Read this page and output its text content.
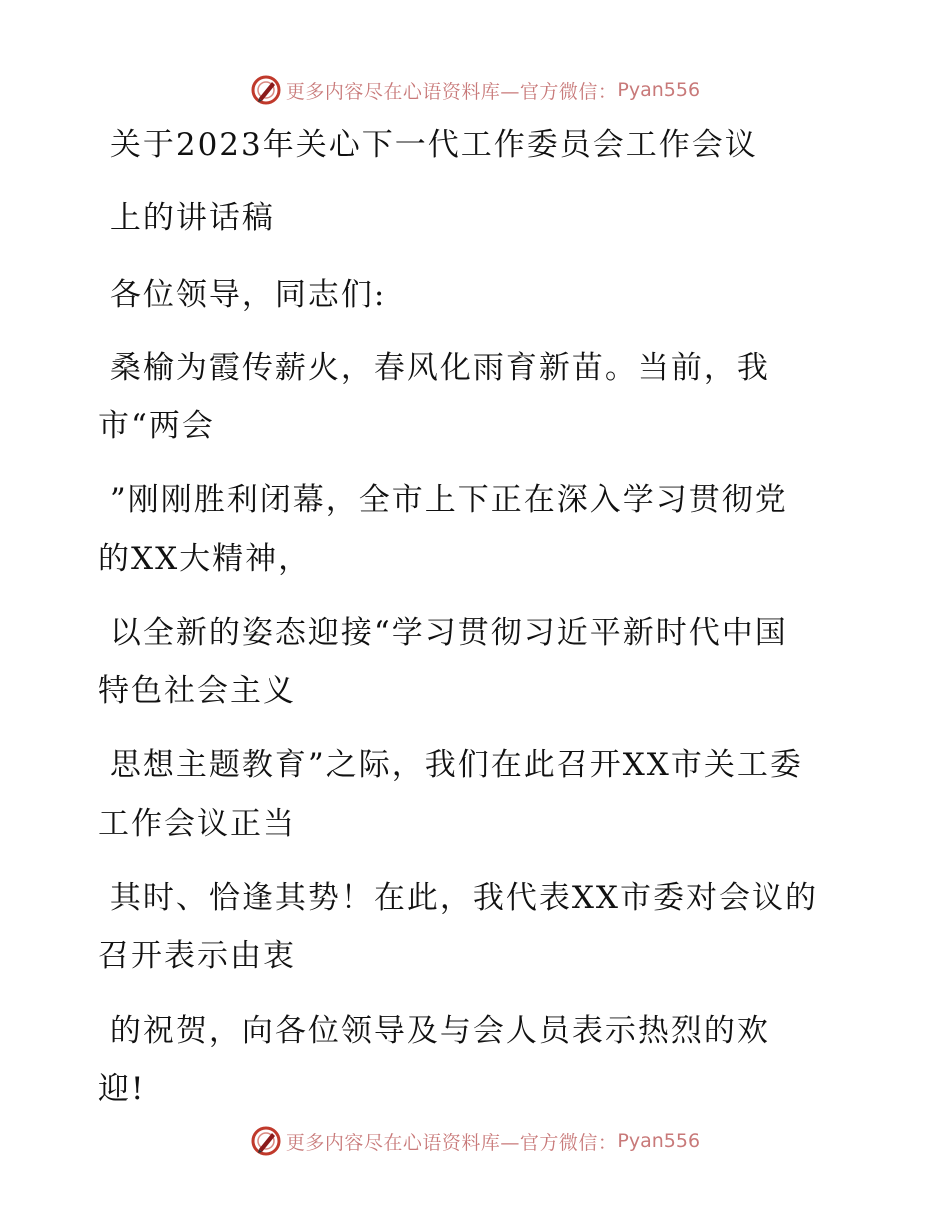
更多内容尽在心语资料库—官方微信： Pyan556
关于2023年关心下一代工作委员会工作会议
上的讲话稿
各位领导，同志们:
桑榆为霞传薪火，春风化雨育新苗。当前，我
市“两会
”刚刚胜利闭幕，全市上下正在深入学习贯彻党
的XX大精神，
以全新的姿态迎接“学习贯彻习近平新时代中国
特色社会主义
思想主题教育”之际，我们在此召开XX市关工委
工作会议正当
其时、恰逢其势！在此，我代表XX市委对会议的
召开表示由衷
的祝贺，向各位领导及与会人员表示热烈的欢
迎!
更多内容尽在心语资料库—官方微信： Pyan556
